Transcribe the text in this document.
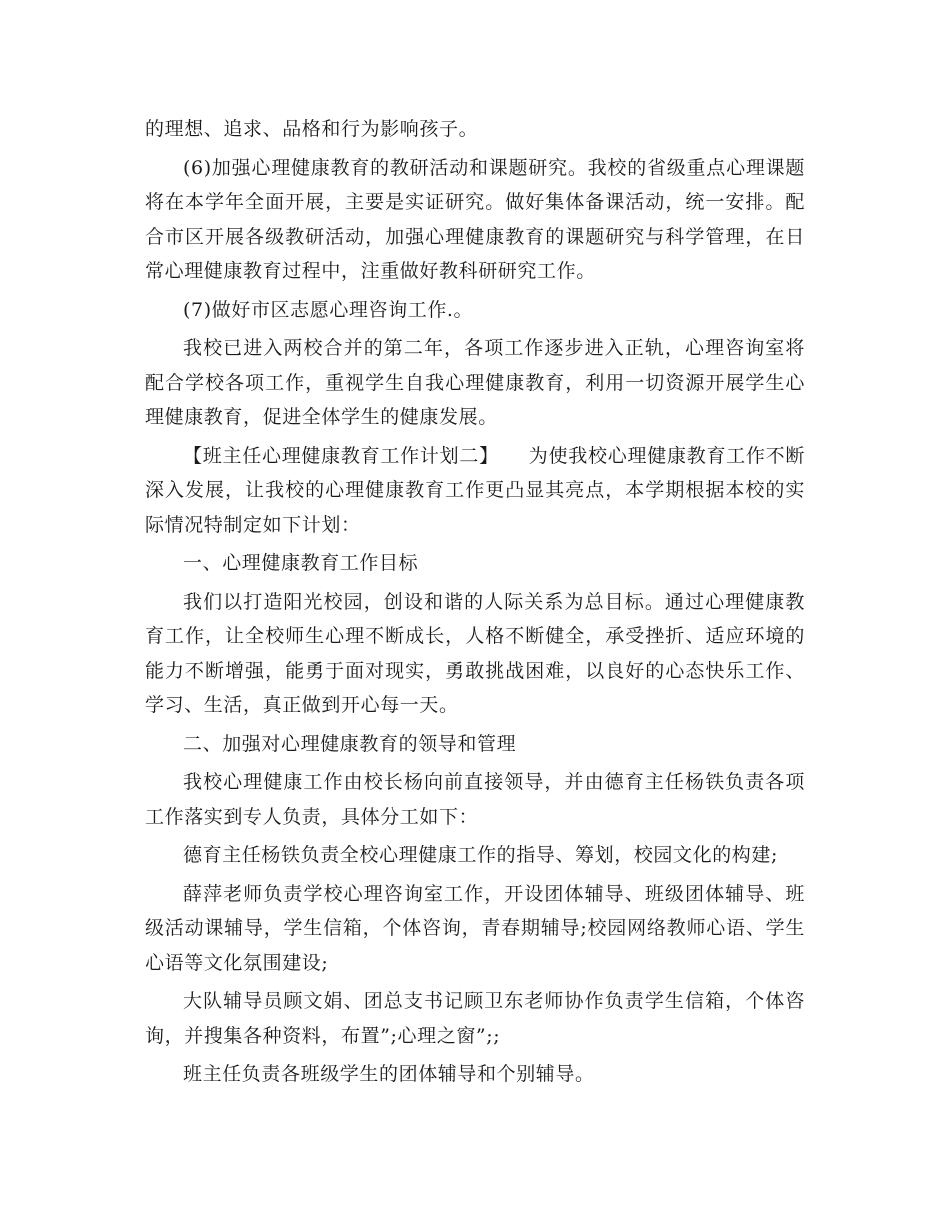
的理想、追求、品格和行为影响孩子。

(6)加强心理健康教育的教研活动和课题研究。我校的省级重点心理课题将在本学年全面开展，主要是实证研究。做好集体备课活动，统一安排。配合市区开展各级教研活动，加强心理健康教育的课题研究与科学管理，在日常心理健康教育过程中，注重做好教科研研究工作。

(7)做好市区志愿心理咨询工作.。

我校已进入两校合并的第二年，各项工作逐步进入正轨，心理咨询室将配合学校各项工作，重视学生自我心理健康教育，利用一切资源开展学生心理健康教育，促进全体学生的健康发展。

【班主任心理健康教育工作计划二】　　为使我校心理健康教育工作不断深入发展，让我校的心理健康教育工作更凸显其亮点，本学期根据本校的实际情况特制定如下计划：

一、心理健康教育工作目标

我们以打造阳光校园，创设和谐的人际关系为总目标。通过心理健康教育工作，让全校师生心理不断成长，人格不断健全，承受挫折、适应环境的能力不断增强，能勇于面对现实，勇敢挑战困难，以良好的心态快乐工作、学习、生活，真正做到开心每一天。

二、加强对心理健康教育的领导和管理

我校心理健康工作由校长杨向前直接领导，并由德育主任杨铁负责各项工作落实到专人负责，具体分工如下：

德育主任杨铁负责全校心理健康工作的指导、筹划，校园文化的构建;

薛萍老师负责学校心理咨询室工作，开设团体辅导、班级团体辅导、班级活动课辅导，学生信箱，个体咨询，青春期辅导;校园网络教师心语、学生心语等文化氛围建设;

大队辅导员顾文娟、团总支书记顾卫东老师协作负责学生信箱，个体咨询，并搜集各种资料，布置”;心理之窗”;;

班主任负责各班级学生的团体辅导和个别辅导。
